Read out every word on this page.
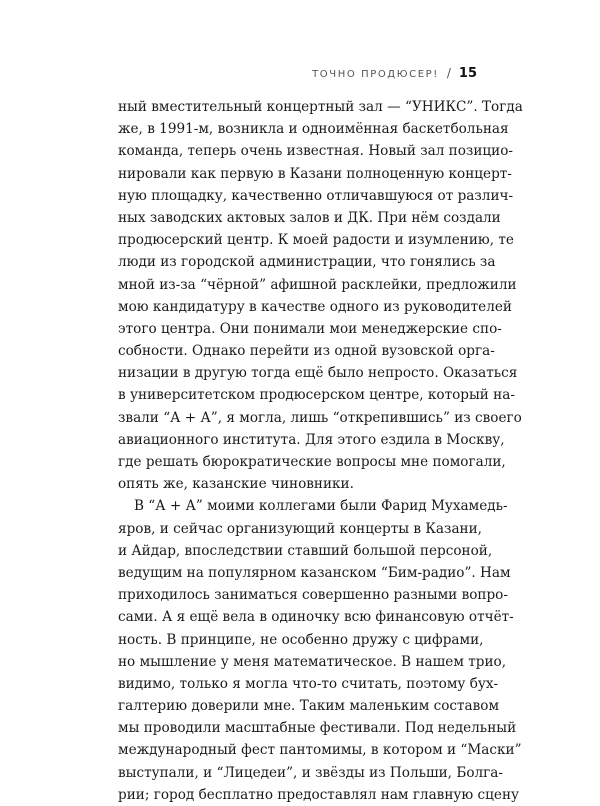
ТОЧНО ПРОДЮСЕР! / 15
ный вместительный концертный зал — “УНИКС”. Тогда
же, в 1991-м, возникла и одноимённая баскетбольная
команда, теперь очень известная. Новый зал позицио-
нировали как первую в Казани полноценную концерт-
ную площадку, качественно отличавшуюся от различ-
ных заводских актовых залов и ДК. При нём создали
продюсерский центр. К моей радости и изумлению, те
люди из городской администрации, что гонялись за
мной из-за “чёрной” афишной расклейки, предложили
мою кандидатуру в качестве одного из руководителей
этого центра. Они понимали мои менеджерские спо-
собности. Однако перейти из одной вузовской орга-
низации в другую тогда ещё было непросто. Оказаться
в университетском продюсерском центре, который на-
звали “А + А”, я могла, лишь “открепившись” из своего
авиационного института. Для этого ездила в Москву,
где решать бюрократические вопросы мне помогали,
опять же, казанские чиновники.
В “А + А” моими коллегами были Фарид Мухамедь-
яров, и сейчас организующий концерты в Казани,
и Айдар, впоследствии ставший большой персоной,
ведущим на популярном казанском “Бим-радио”. Нам
приходилось заниматься совершенно разными вопро-
сами. А я ещё вела в одиночку всю финансовую отчёт-
ность. В принципе, не особенно дружу с цифрами,
но мышление у меня математическое. В нашем трио,
видимо, только я могла что-то считать, поэтому бух-
галтерию доверили мне. Таким маленьким составом
мы проводили масштабные фестивали. Под недельный
международный фест пантомимы, в котором и “Маски”
выступали, и “Лицедеи”, и звёзды из Польши, Болга-
рии; город бесплатно предоставлял нам главную сцену
